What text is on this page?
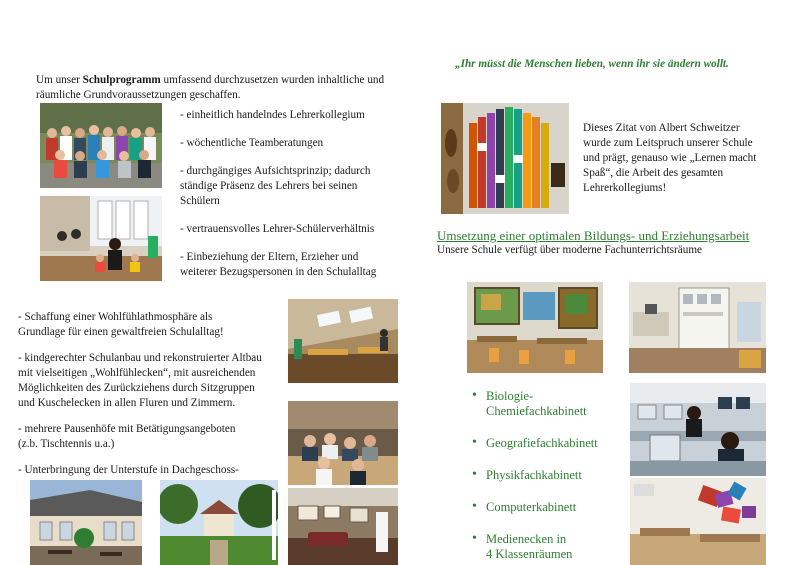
Um unser Schulprogramm umfassend durchzusetzen wurden inhaltliche und
räumliche Grundvoraussetzungen geschaffen.

- einheitlich handelndes Lehrerkollegium
- wöchentliche Teamberatungen
- durchgängiges Aufsichtsprinzip; dadurch
ständige Präsenz des Lehrers bei seinen
Schülern
- vertrauensvolles Lehrer-Schülerverhältnis
- Einbeziehung der Eltern, Erzieher und
weiterer Bezugspersonen in den Schulalltag
- Schaffung einer Wohlfühlathmosphäre als
Grundlage für einen gewaltfreien Schulalltag!
- kindgerechter Schulanbau und rekonstruierter Altbau
mit vielseitigen „Wohlfühlecken“, mit ausreichenden
Möglichkeiten des Zurückziehens durch Sitzgruppen
und Kuschelecken in allen Fluren und Zimmern.
- mehrere Pausenhöfe mit Betätigungsangeboten
(z.b. Tischtennis u.a.)
- Unterbringung der Unterstufe in Dachgeschoss-
„Ihr müsst die Menschen lieben, wenn ihr sie ändern wollt.
Dieses Zitat von Albert Schweitzer
wurde zum Leitspruch unserer Schule
und prägt, genauso wie „Lernen macht
Spaß“, die Arbeit des gesamten
Lehrerkollegiums!
Umsetzung einer optimalen Bildungs- und Erziehungsarbeit
Unsere Schule verfügt über moderne Fachunterrichtsräume
• Biologie-
Chemiefachkabinett
• Geografiefachkabinett
• Physikfachkabinett
• Computerkabinett
• Medienecken in
4 Klassenräumen
